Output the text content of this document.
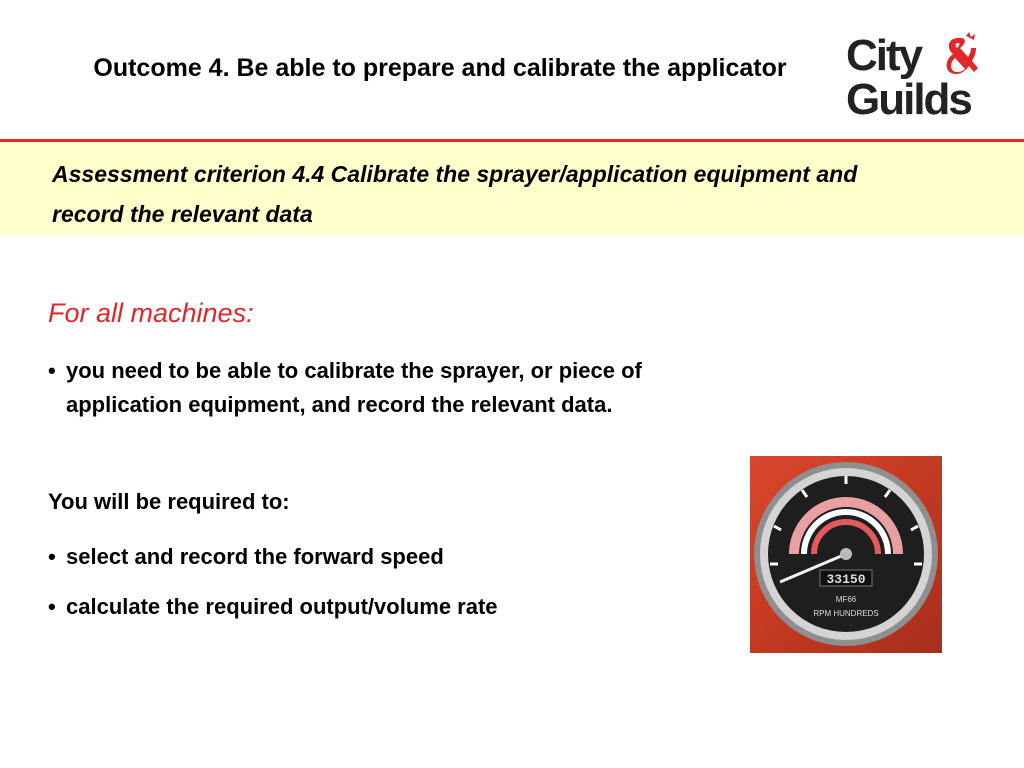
Outcome 4. Be able to prepare and calibrate the applicator	City
Guilds
Assessment criterion 4.4 Calibrate the sprayer/application equipment and record the relevant data
For all machines:
• you need to be able to calibrate the sprayer, or piece of application equipment, and record the relevant data.
You will be required to:
• select and record the forward speed
• calculate the required output/volume rate
33150
MF66
RPM HUNDREDS
